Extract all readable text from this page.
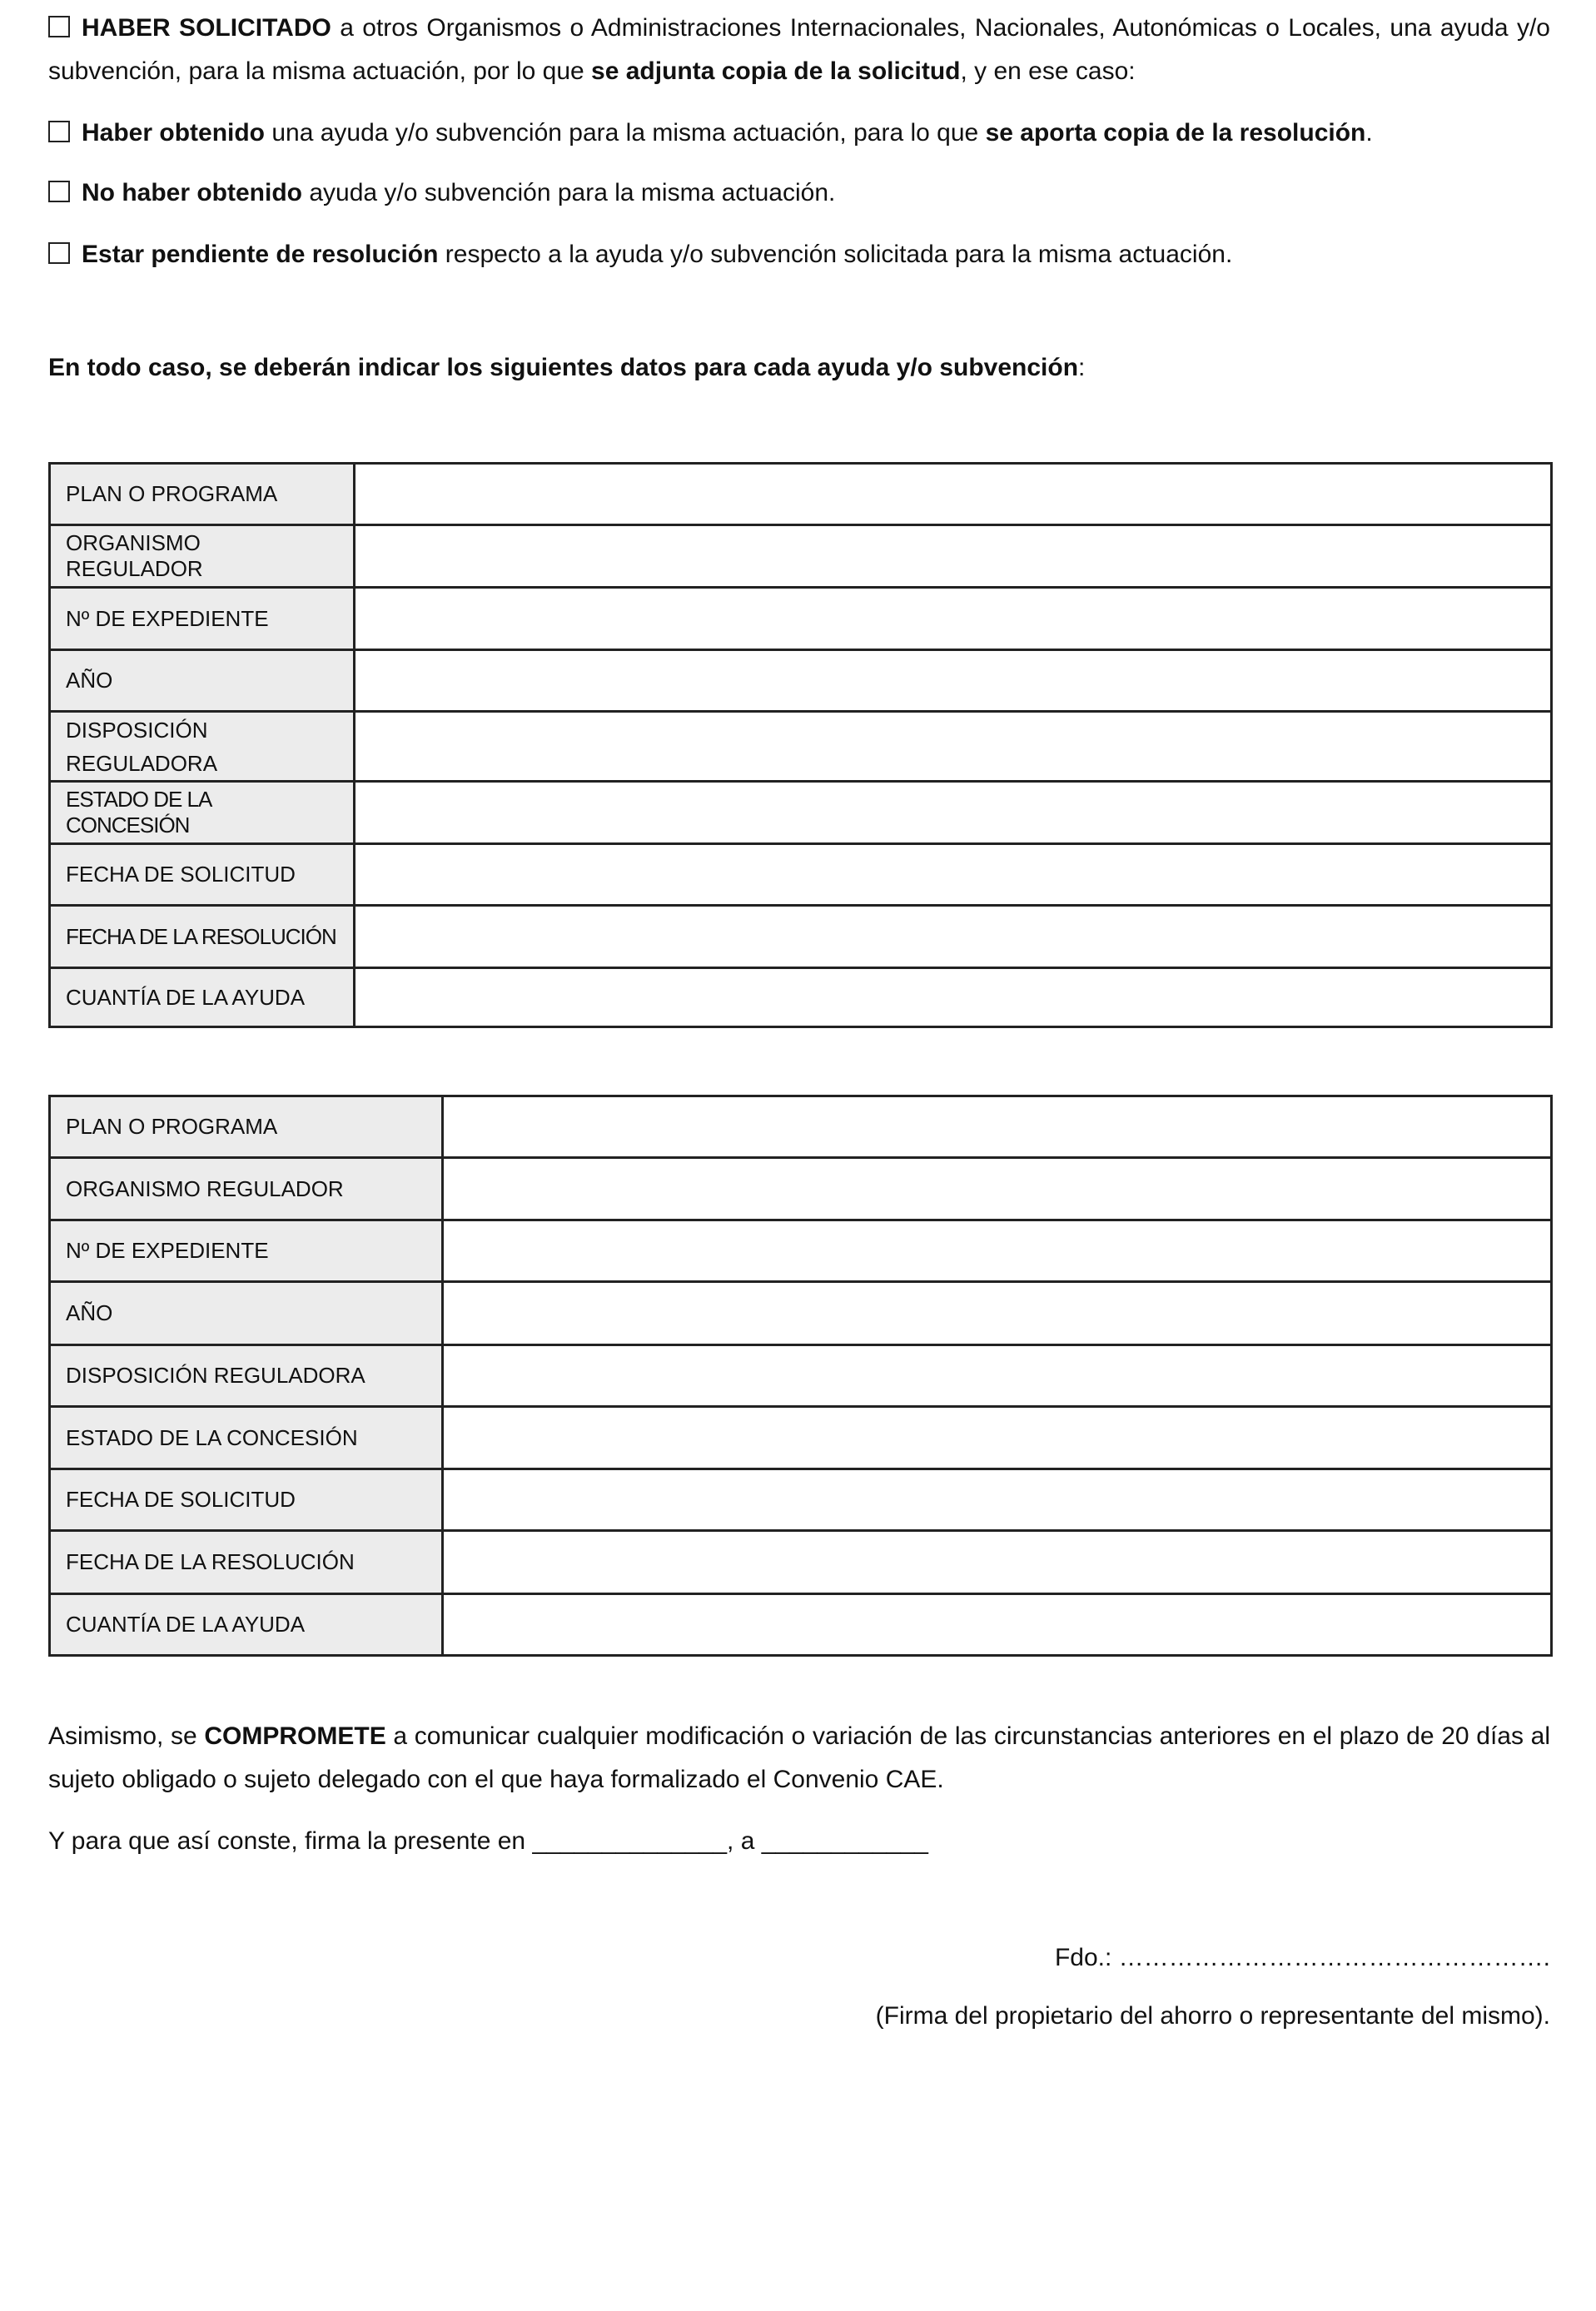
HABER SOLICITADO a otros Organismos o Administraciones Internacionales, Nacionales, Autonómicas o Locales, una ayuda y/o subvención, para la misma actuación, por lo que se adjunta copia de la solicitud, y en ese caso:

Haber obtenido una ayuda y/o subvención para la misma actuación, para lo que se aporta copia de la resolución.

No haber obtenido ayuda y/o subvención para la misma actuación.

Estar pendiente de resolución respecto a la ayuda y/o subvención solicitada para la misma actuación.

En todo caso, se deberán indicar los siguientes datos para cada ayuda y/o subvención:

PLAN O PROGRAMA	
ORGANISMO REGULADOR	
Nº DE EXPEDIENTE	
AÑO	
DISPOSICIÓN REGULADORA	
ESTADO DE LA CONCESIÓN	
FECHA DE SOLICITUD	
FECHA DE LA RESOLUCIÓN	
CUANTÍA DE LA AYUDA	
PLAN O PROGRAMA	
ORGANISMO REGULADOR	
Nº DE EXPEDIENTE	
AÑO	
DISPOSICIÓN REGULADORA	
ESTADO DE LA CONCESIÓN	
FECHA DE SOLICITUD	
FECHA DE LA RESOLUCIÓN	
CUANTÍA DE LA AYUDA	

Asimismo, se COMPROMETE a comunicar cualquier modificación o variación de las circunstancias anteriores en el plazo de 20 días al sujeto obligado o sujeto delegado con el que haya formalizado el Convenio CAE.

Y para que así conste, firma la presente en ______________, a ____________

Fdo.: …………………………………………….

(Firma del propietario del ahorro o representante del mismo).
